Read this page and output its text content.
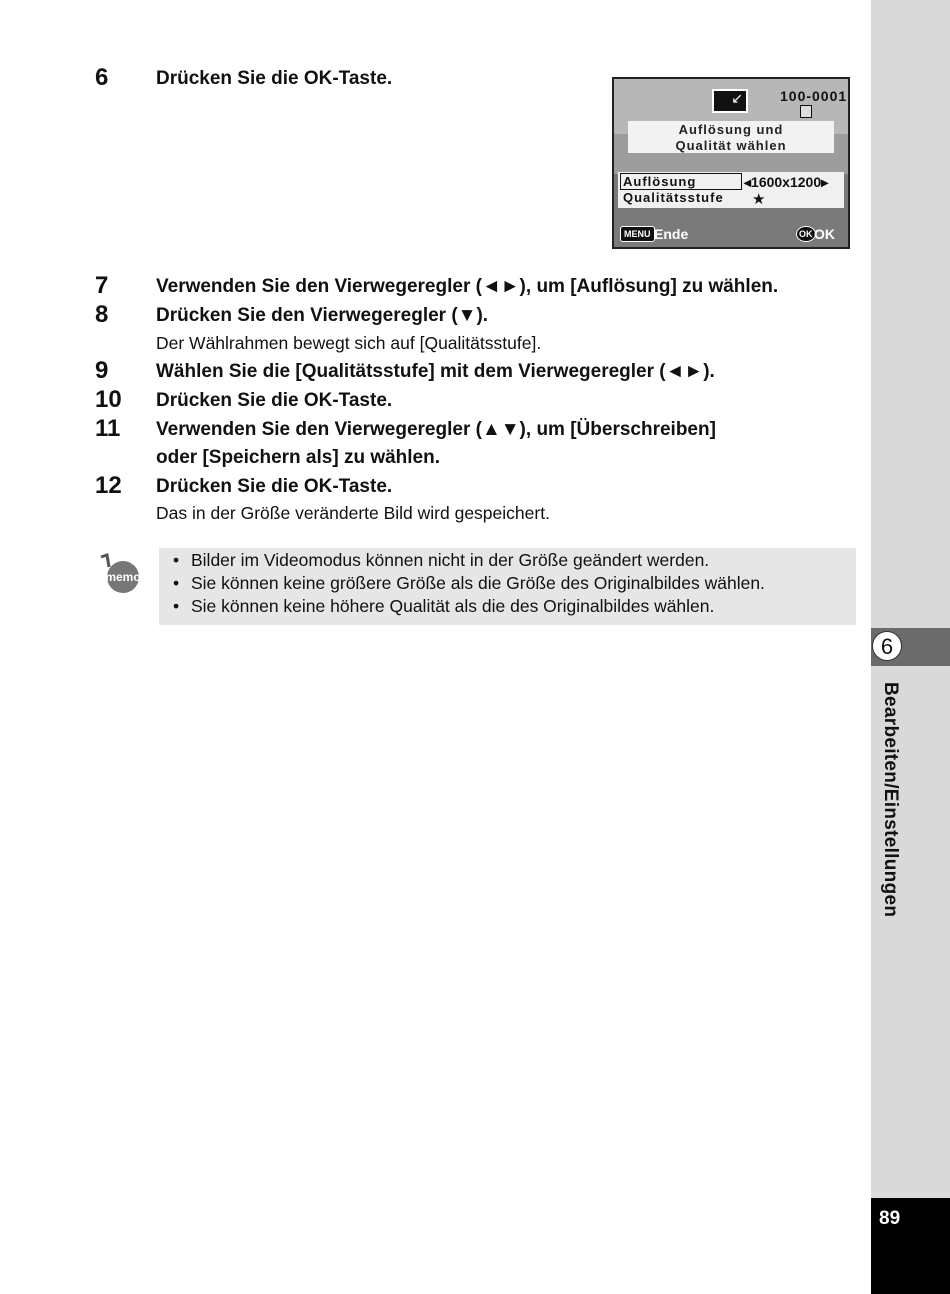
6
Bearbeiten/Einstellungen
89
6	Drücken Sie die OK-Taste.
↙	100-0001
Auflösung und
Qualität wählen
Auflösung	◂1600x1200▸
Qualitätsstufe ★
MENU Ende	OK OK
7	Verwenden Sie den Vierwegeregler (◄►), um [Auflösung] zu wählen.
8	Drücken Sie den Vierwegeregler (▼).
Der Wählrahmen bewegt sich auf [Qualitätsstufe].
9	Wählen Sie die [Qualitätsstufe] mit dem Vierwegeregler (◄►).
10 Drücken Sie die OK-Taste.
11 Verwenden Sie den Vierwegeregler (▲▼), um [Überschreiben]
oder [Speichern als] zu wählen.
12 Drücken Sie die OK-Taste.
Das in der Größe veränderte Bild wird gespeichert.
memo
• Bilder im Videomodus können nicht in der Größe geändert werden.
• Sie können keine größere Größe als die Größe des Originalbildes wählen.
• Sie können keine höhere Qualität als die des Originalbildes wählen.
